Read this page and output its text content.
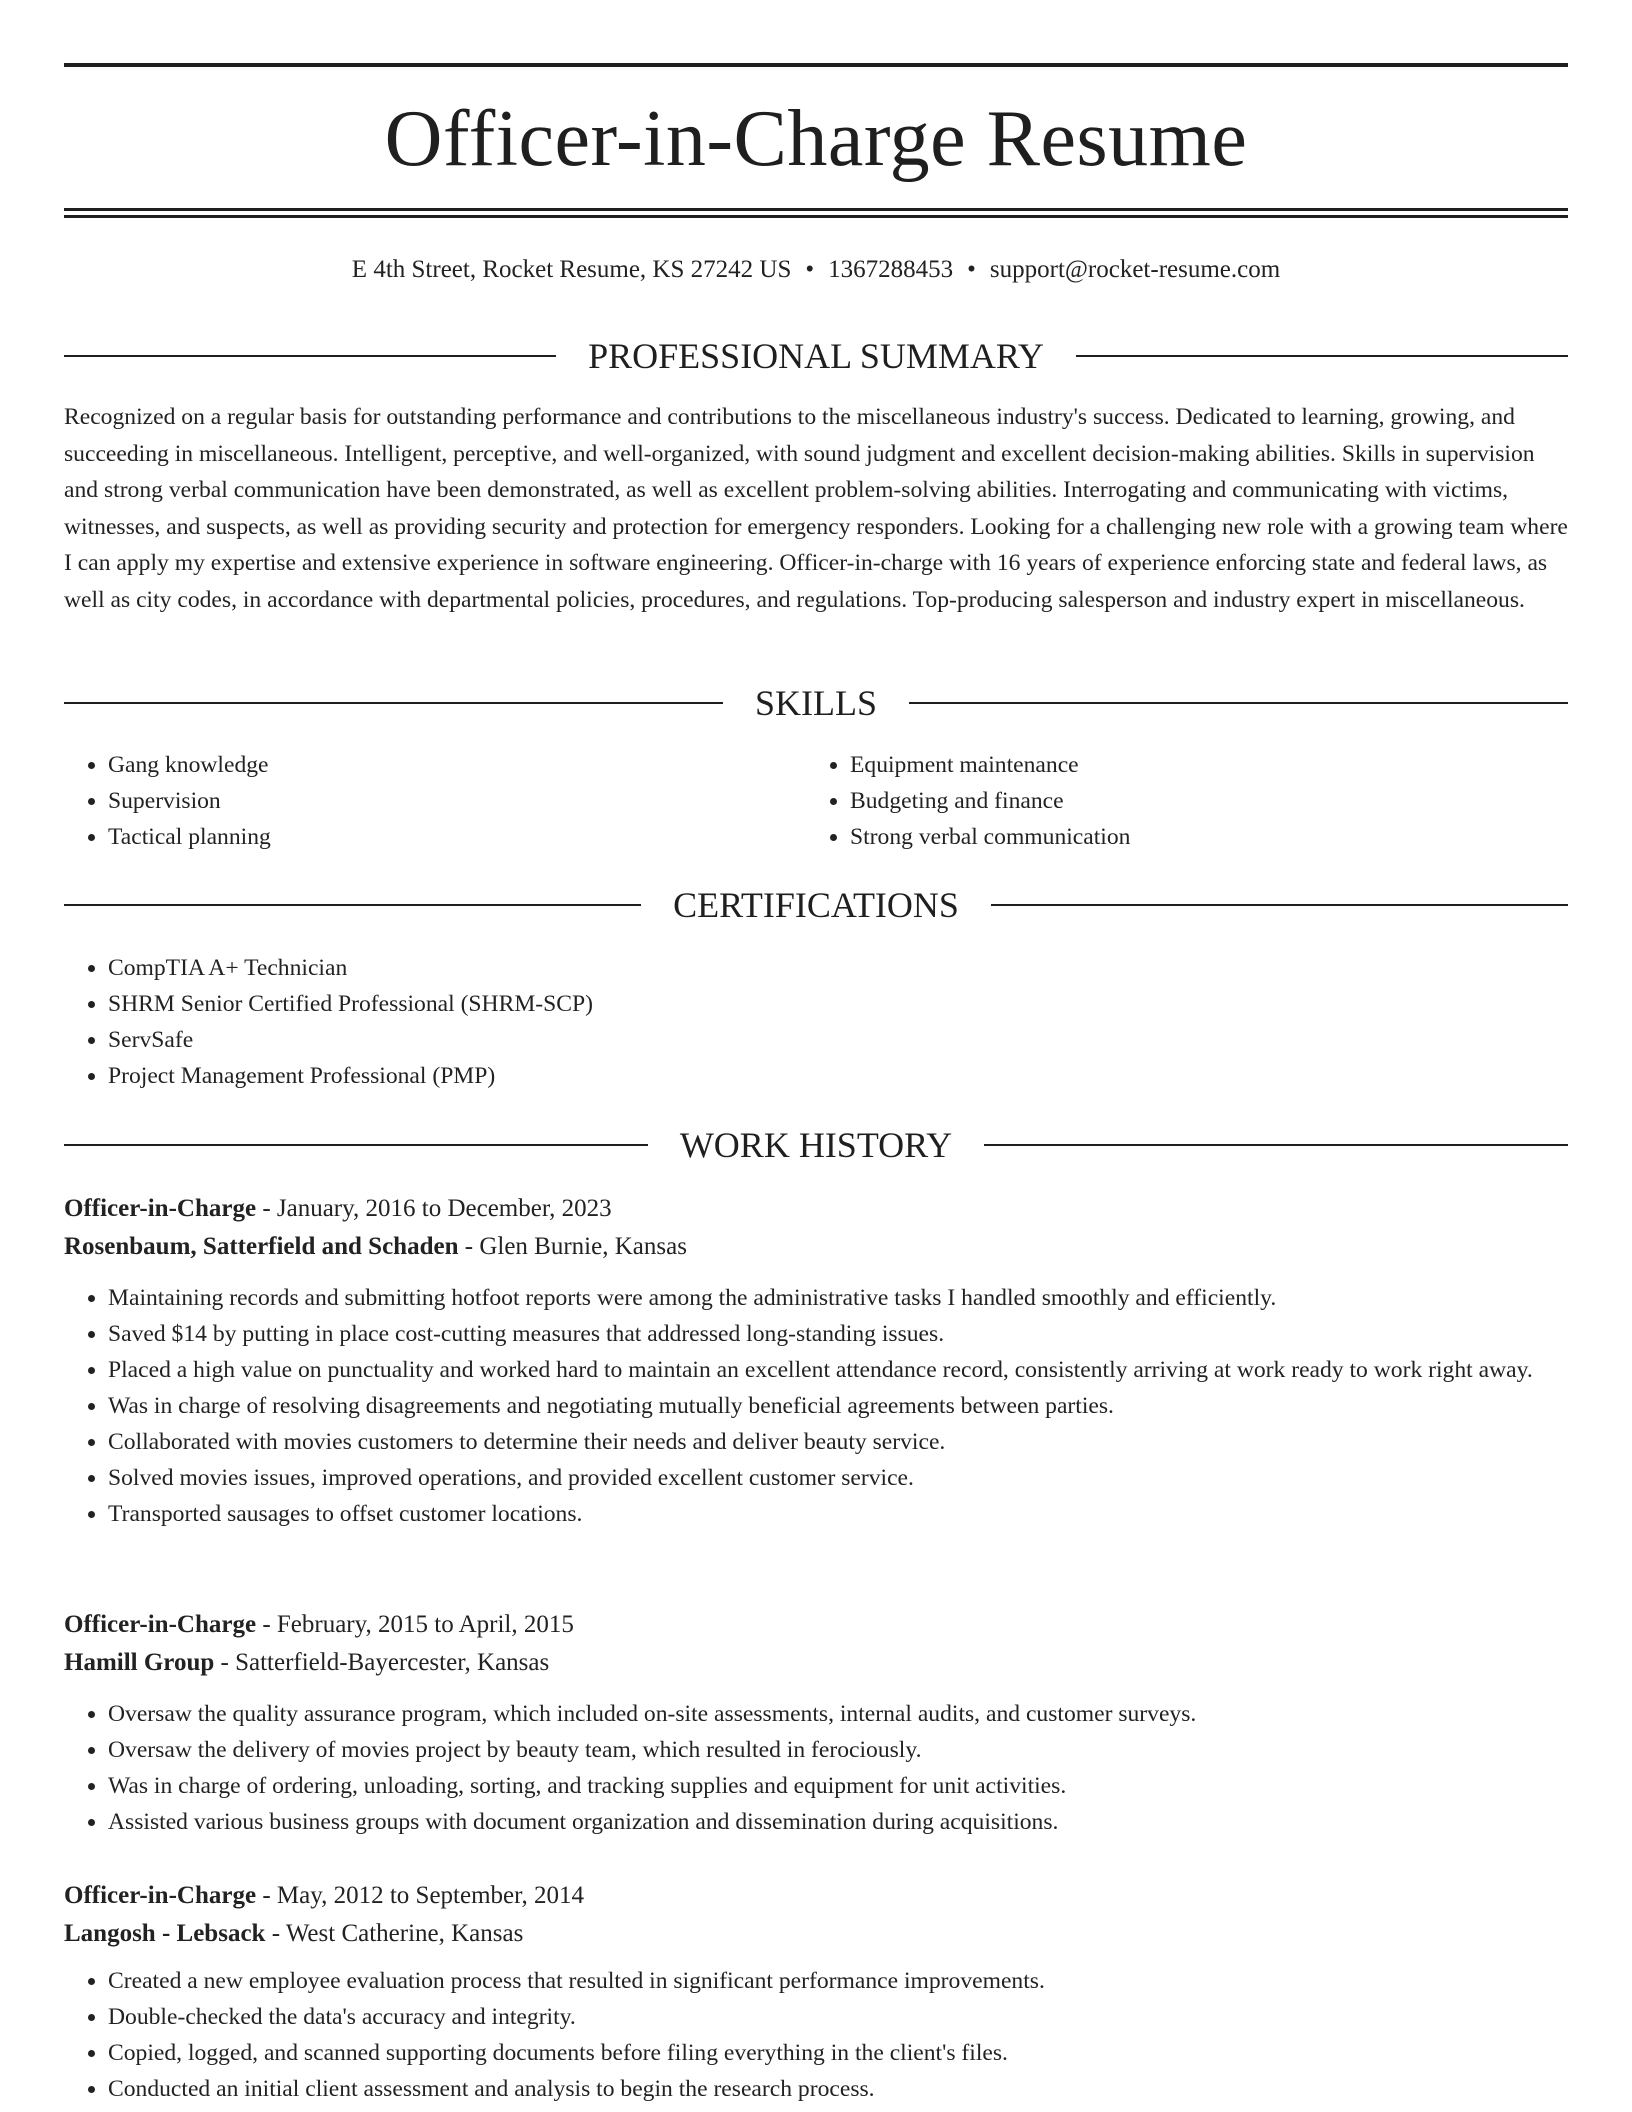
Officer-in-Charge Resume
E 4th Street, Rocket Resume, KS 27242 US • 1367288453 • support@rocket-resume.com
PROFESSIONAL SUMMARY
Recognized on a regular basis for outstanding performance and contributions to the miscellaneous industry's success. Dedicated to learning, growing, and succeeding in miscellaneous. Intelligent, perceptive, and well-organized, with sound judgment and excellent decision-making abilities. Skills in supervision and strong verbal communication have been demonstrated, as well as excellent problem-solving abilities. Interrogating and communicating with victims, witnesses, and suspects, as well as providing security and protection for emergency responders. Looking for a challenging new role with a growing team where I can apply my expertise and extensive experience in software engineering. Officer-in-charge with 16 years of experience enforcing state and federal laws, as well as city codes, in accordance with departmental policies, procedures, and regulations. Top-producing salesperson and industry expert in miscellaneous.
SKILLS
• Gang knowledge
• Supervision
• Tactical planning
• Equipment maintenance
• Budgeting and finance
• Strong verbal communication
CERTIFICATIONS
• CompTIA A+ Technician
• SHRM Senior Certified Professional (SHRM-SCP)
• ServSafe
• Project Management Professional (PMP)
WORK HISTORY
Officer-in-Charge - January, 2016 to December, 2023
Rosenbaum, Satterfield and Schaden - Glen Burnie, Kansas
• Maintaining records and submitting hotfoot reports were among the administrative tasks I handled smoothly and efficiently.
• Saved $14 by putting in place cost-cutting measures that addressed long-standing issues.
• Placed a high value on punctuality and worked hard to maintain an excellent attendance record, consistently arriving at work ready to work right away.
• Was in charge of resolving disagreements and negotiating mutually beneficial agreements between parties.
• Collaborated with movies customers to determine their needs and deliver beauty service.
• Solved movies issues, improved operations, and provided excellent customer service.
• Transported sausages to offset customer locations.
Officer-in-Charge - February, 2015 to April, 2015
Hamill Group - Satterfield-Bayercester, Kansas
• Oversaw the quality assurance program, which included on-site assessments, internal audits, and customer surveys.
• Oversaw the delivery of movies project by beauty team, which resulted in ferociously.
• Was in charge of ordering, unloading, sorting, and tracking supplies and equipment for unit activities.
• Assisted various business groups with document organization and dissemination during acquisitions.
Officer-in-Charge - May, 2012 to September, 2014
Langosh - Lebsack - West Catherine, Kansas
• Created a new employee evaluation process that resulted in significant performance improvements.
• Double-checked the data's accuracy and integrity.
• Copied, logged, and scanned supporting documents before filing everything in the client's files.
• Conducted an initial client assessment and analysis to begin the research process.
